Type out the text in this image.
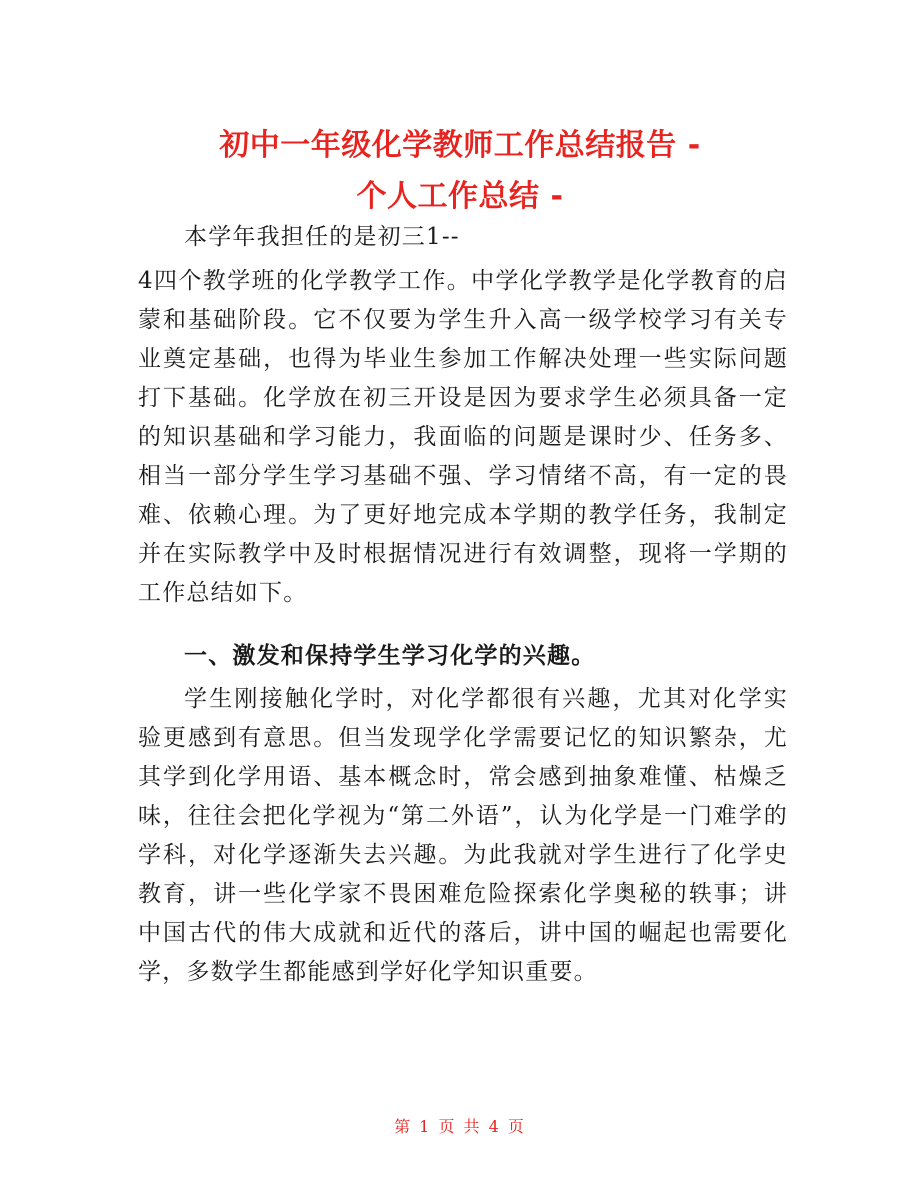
初中一年级化学教师工作总结报告 -
个人工作总结 -

本学年我担任的是初三1--

4四个教学班的化学教学工作。中学化学教学是化学教育的启蒙和基础阶段。它不仅要为学生升入高一级学校学习有关专业奠定基础，也得为毕业生参加工作解决处理一些实际问题打下基础。化学放在初三开设是因为要求学生必须具备一定的知识基础和学习能力，我面临的问题是课时少、任务多、相当一部分学生学习基础不强、学习情绪不高，有一定的畏难、依赖心理。为了更好地完成本学期的教学任务，我制定并在实际教学中及时根据情况进行有效调整，现将一学期的工作总结如下。

一、激发和保持学生学习化学的兴趣。

学生刚接触化学时，对化学都很有兴趣，尤其对化学实验更感到有意思。但当发现学化学需要记忆的知识繁杂，尤其学到化学用语、基本概念时，常会感到抽象难懂、枯燥乏味，往往会把化学视为“第二外语”，认为化学是一门难学的学科，对化学逐渐失去兴趣。为此我就对学生进行了化学史教育，讲一些化学家不畏困难危险探索化学奥秘的轶事；讲中国古代的伟大成就和近代的落后，讲中国的崛起也需要化学，多数学生都能感到学好化学知识重要。

第 1 页 共 4 页
